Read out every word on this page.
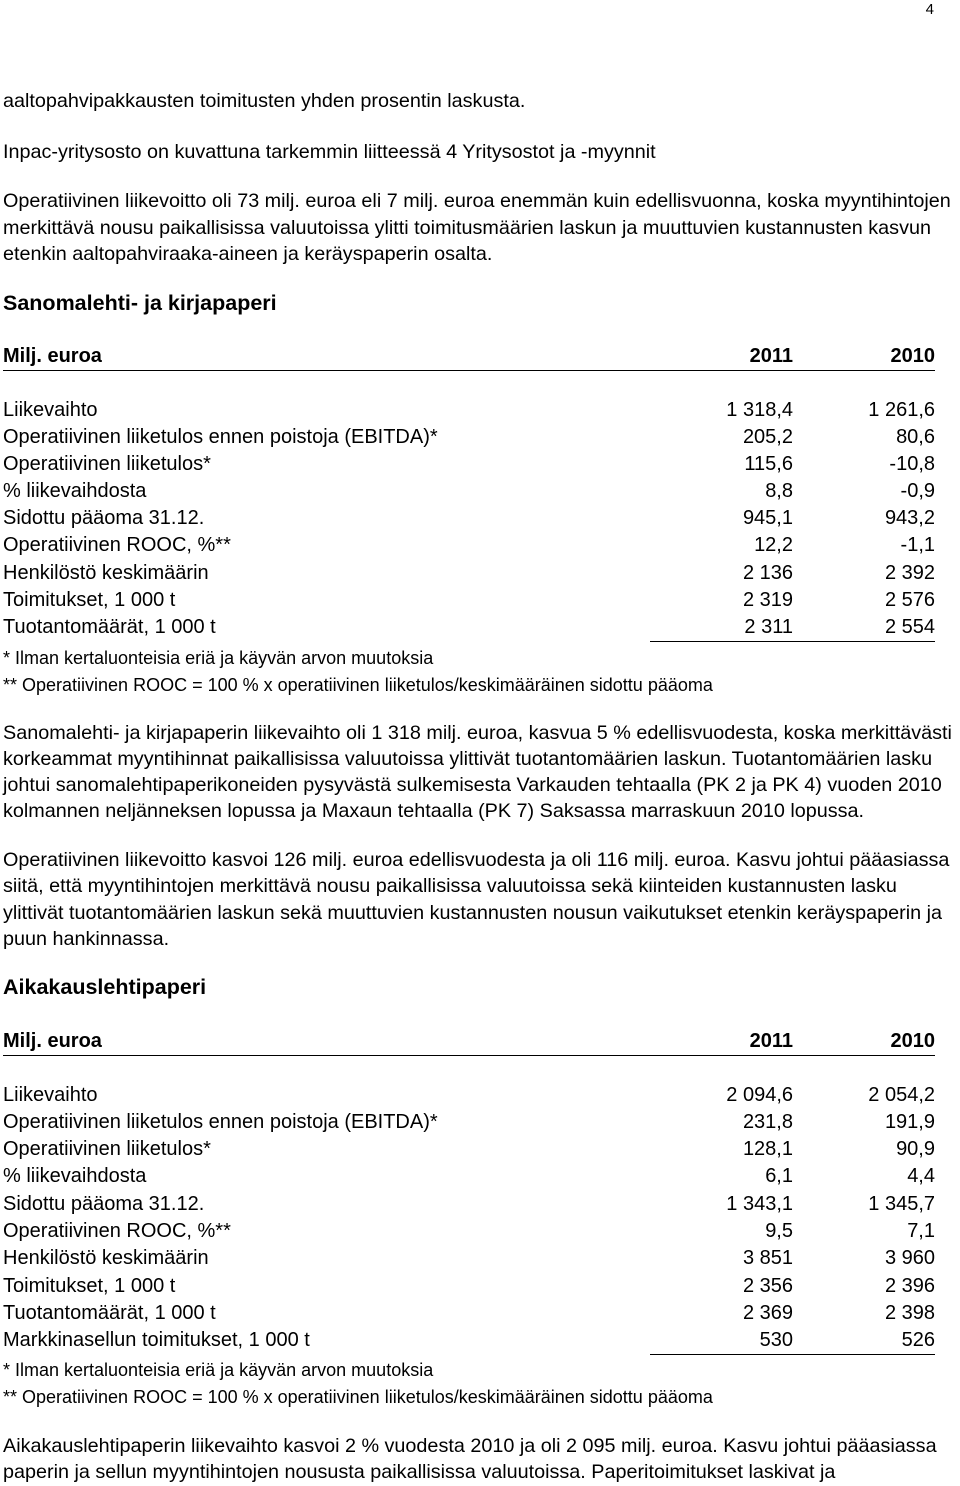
4
aaltopahvipakkausten toimitusten yhden prosentin laskusta.
Inpac-yritysosto on kuvattuna tarkemmin liitteessä 4 Yritysostot ja -myynnit
Operatiivinen liikevoitto oli 73 milj. euroa eli 7 milj. euroa enemmän kuin edellisvuonna, koska myyntihintojen
merkittävä nousu paikallisissa valuutoissa ylitti toimitusmäärien laskun ja muuttuvien kustannusten kasvun
etenkin aaltopahviraaka-aineen ja keräyspaperin osalta.
Sanomalehti- ja kirjapaperi
Milj. euroa	2011	2010
Liikevaihto	1 318,4	1 261,6
Operatiivinen liiketulos ennen poistoja (EBITDA)*	205,2	80,6
Operatiivinen liiketulos*	115,6	-10,8
% liikevaihdosta	8,8	-0,9
Sidottu pääoma 31.12.	945,1	943,2
Operatiivinen ROOC, %**	12,2	-1,1
Henkilöstö keskimäärin	2 136	2 392
Toimitukset, 1 000 t	2 319	2 576
Tuotantomäärät, 1 000 t	2 311	2 554
* Ilman kertaluonteisia eriä ja käyvän arvon muutoksia
** Operatiivinen ROOC = 100 % x operatiivinen liiketulos/keskimääräinen sidottu pääoma
Sanomalehti- ja kirjapaperin liikevaihto oli 1 318 milj. euroa, kasvua 5 % edellisvuodesta, koska merkittävästi
korkeammat myyntihinnat paikallisissa valuutoissa ylittivät tuotantomäärien laskun. Tuotantomäärien lasku
johtui sanomalehtipaperikoneiden pysyvästä sulkemisesta Varkauden tehtaalla (PK 2 ja PK 4) vuoden 2010
kolmannen neljänneksen lopussa ja Maxaun tehtaalla (PK 7) Saksassa marraskuun 2010 lopussa.
Operatiivinen liikevoitto kasvoi 126 milj. euroa edellisvuodesta ja oli 116 milj. euroa. Kasvu johtui pääasiassa
siitä, että myyntihintojen merkittävä nousu paikallisissa valuutoissa sekä kiinteiden kustannusten lasku
ylittivät tuotantomäärien laskun sekä muuttuvien kustannusten nousun vaikutukset etenkin keräyspaperin ja
puun hankinnassa.
Aikakauslehtipaperi
Milj. euroa	2011	2010
Liikevaihto	2 094,6	2 054,2
Operatiivinen liiketulos ennen poistoja (EBITDA)*	231,8	191,9
Operatiivinen liiketulos*	128,1	90,9
% liikevaihdosta	6,1	4,4
Sidottu pääoma 31.12.	1 343,1	1 345,7
Operatiivinen ROOC, %**	9,5	7,1
Henkilöstö keskimäärin	3 851	3 960
Toimitukset, 1 000 t	2 356	2 396
Tuotantomäärät, 1 000 t	2 369	2 398
Markkinasellun toimitukset, 1 000 t	530	526
* Ilman kertaluonteisia eriä ja käyvän arvon muutoksia
** Operatiivinen ROOC = 100 % x operatiivinen liiketulos/keskimääräinen sidottu pääoma
Aikakauslehtipaperin liikevaihto kasvoi 2 % vuodesta 2010 ja oli 2 095 milj. euroa. Kasvu johtui pääasiassa
paperin ja sellun myyntihintojen noususta paikallisissa valuutoissa. Paperitoimitukset laskivat ja
